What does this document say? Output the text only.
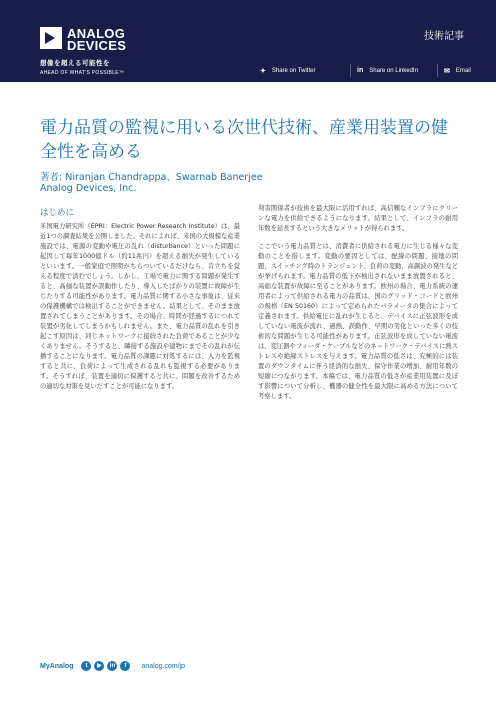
ANALOG
DEVICES
想像を超える可能性を
AHEAD OF WHAT'S POSSIBLE™
技術記事
✦ Share on Twitter	in Share on LinkedIn	✉ Email
電力品質の監視に用いる次世代技術、産業用装置の健全性を高める
著者: Niranjan Chandrappa、Swarnab Banerjee
Analog Devices, Inc.
はじめに

米国電力研究所（EPRI：Electric Power Research Institute）は、最近1つの調査結果を公開しました。それによれば、米国の大規模な産業施設では、電源の変動や電圧の乱れ（disturbance）といった問題に起因して毎年1000億ドル（約11兆円）を超える損失が発生しているといいます。一般家庭で照明がちらついているだけなら、苛立ちを覚える程度で済むでしょう。しかし、工場で電力に関する問題が発生すると、高価な装置が誤動作したり、導入したばかりの装置に故障が生じたりする可能性があります。電力品質に関する小さな事象は、従来の保護機構では検出することができません。結果として、そのまま放置されてしまうことがあります。その場合、時間が経過するにつれて装置が劣化してしまうかもしれません。また、電力品質の乱れを引き起こす原因は、同じネットワークに接続された負荷であることが少なくありません。そうすると、隣接する施設や建物にまでその乱れが伝播することになります。電力品質の課題に対処するには、入力を監視すると共に、負荷によって生成される乱れも監視する必要があります。そうすれば、装置を適切に保護すると共に、問題を改善するための適切な対策を見いだすことが可能になります。

利害関係者が技術を最大限に活用すれば、高信頼なインフラにクリーンな電力を供給できるようになります。結果として、インフラの耐用年数を延長するという大きなメリットが得られます。

ここでいう電力品質とは、消費者に供給される電力に生じる様々な変動のことを指します。変動の要因としては、配線の問題、接地の問題、スイッチング時のトランジェント、負荷の変動、高調波の発生などが挙げられます。電力品質の低下が検出されないまま放置されると、高価な装置が故障に至ることがあります。欧州の場合、電力系統の運用者によって供給される電力の品質は、国のグリッド・コードと欧州の規格（EN 50160）によって定められたパラメータの集合によって定義されます。供給電圧に乱れが生じると、デバイスに正弦波形を成していない電流が流れ、過熱、誤動作、早期の劣化といった多くの技術的な問題が生じる可能性があります。正弦波形を成していない電流は、変圧器やフィーダ・ケーブルなどのネットワーク・デバイスに熱ストレスや絶縁ストレスを与えます。電力品質の低さは、究極的には装置のダウンタイムに伴う経済的な損失、保守作業の増加、耐用年数の短縮につながります。本稿では、電力品質の低さが産業用装置に及ぼす影響について分析し、機器の健全性を最大限に高める方法について考察します。

MyAnalog	t	▶	in	f	analog.com/jp
